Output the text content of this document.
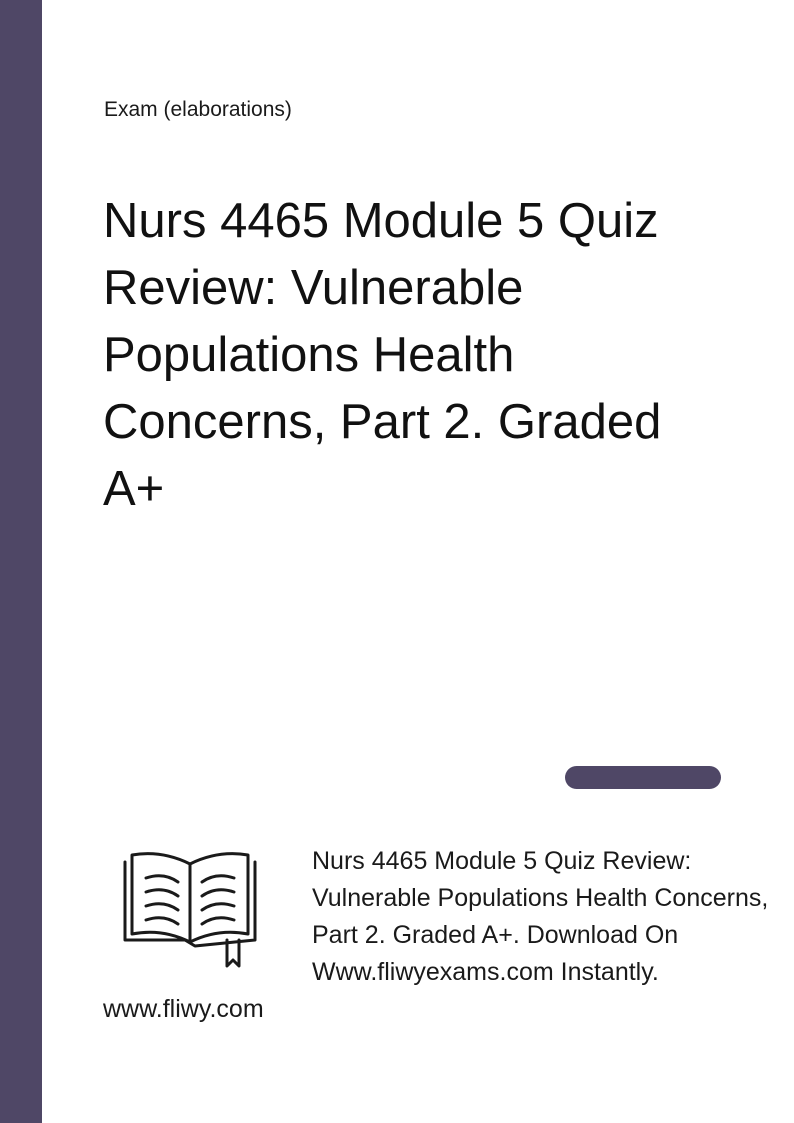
Exam (elaborations)
Nurs 4465 Module 5 Quiz Review: Vulnerable Populations Health Concerns, Part 2. Graded A+
www.fliwy.com
Nurs 4465 Module 5 Quiz Review: Vulnerable Populations Health Concerns, Part 2. Graded A+. Download On Www.fliwyexams.com Instantly.
